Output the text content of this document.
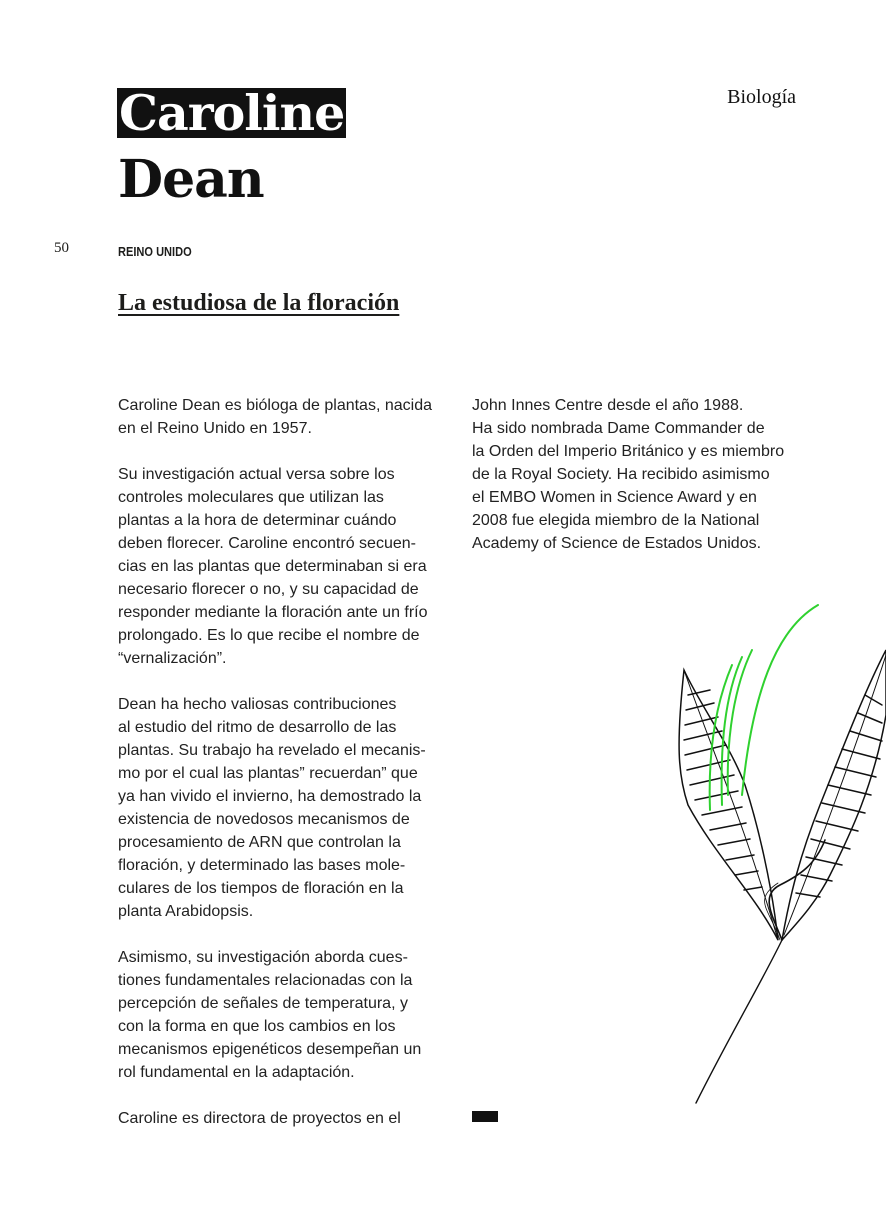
Caroline
Dean
Biología
50	REINO UNIDO
La estudiosa de la floración

Caroline Dean es bióloga de plantas, nacida
en el Reino Unido en 1957.

Su investigación actual versa sobre los
controles moleculares que utilizan las
plantas a la hora de determinar cuándo
deben florecer. Caroline encontró secuen-
cias en las plantas que determinaban si era
necesario florecer o no, y su capacidad de
responder mediante la floración ante un frío
prolongado. Es lo que recibe el nombre de
“vernalización”.

Dean ha hecho valiosas contribuciones
al estudio del ritmo de desarrollo de las
plantas. Su trabajo ha revelado el mecanis-
mo por el cual las plantas” recuerdan” que
ya han vivido el invierno, ha demostrado la
existencia de novedosos mecanismos de
procesamiento de ARN que controlan la
floración, y determinado las bases mole-
culares de los tiempos de floración en la
planta Arabidopsis.

Asimismo, su investigación aborda cues-
tiones fundamentales relacionadas con la
percepción de señales de temperatura, y
con la forma en que los cambios en los
mecanismos epigenéticos desempeñan un
rol fundamental en la adaptación.

Caroline es directora de proyectos en el

John Innes Centre desde el año 1988.
Ha sido nombrada Dame Commander de
la Orden del Imperio Británico y es miembro
de la Royal Society. Ha recibido asimismo
el EMBO Women in Science Award y en
2008 fue elegida miembro de la National
Academy of Science de Estados Unidos.
